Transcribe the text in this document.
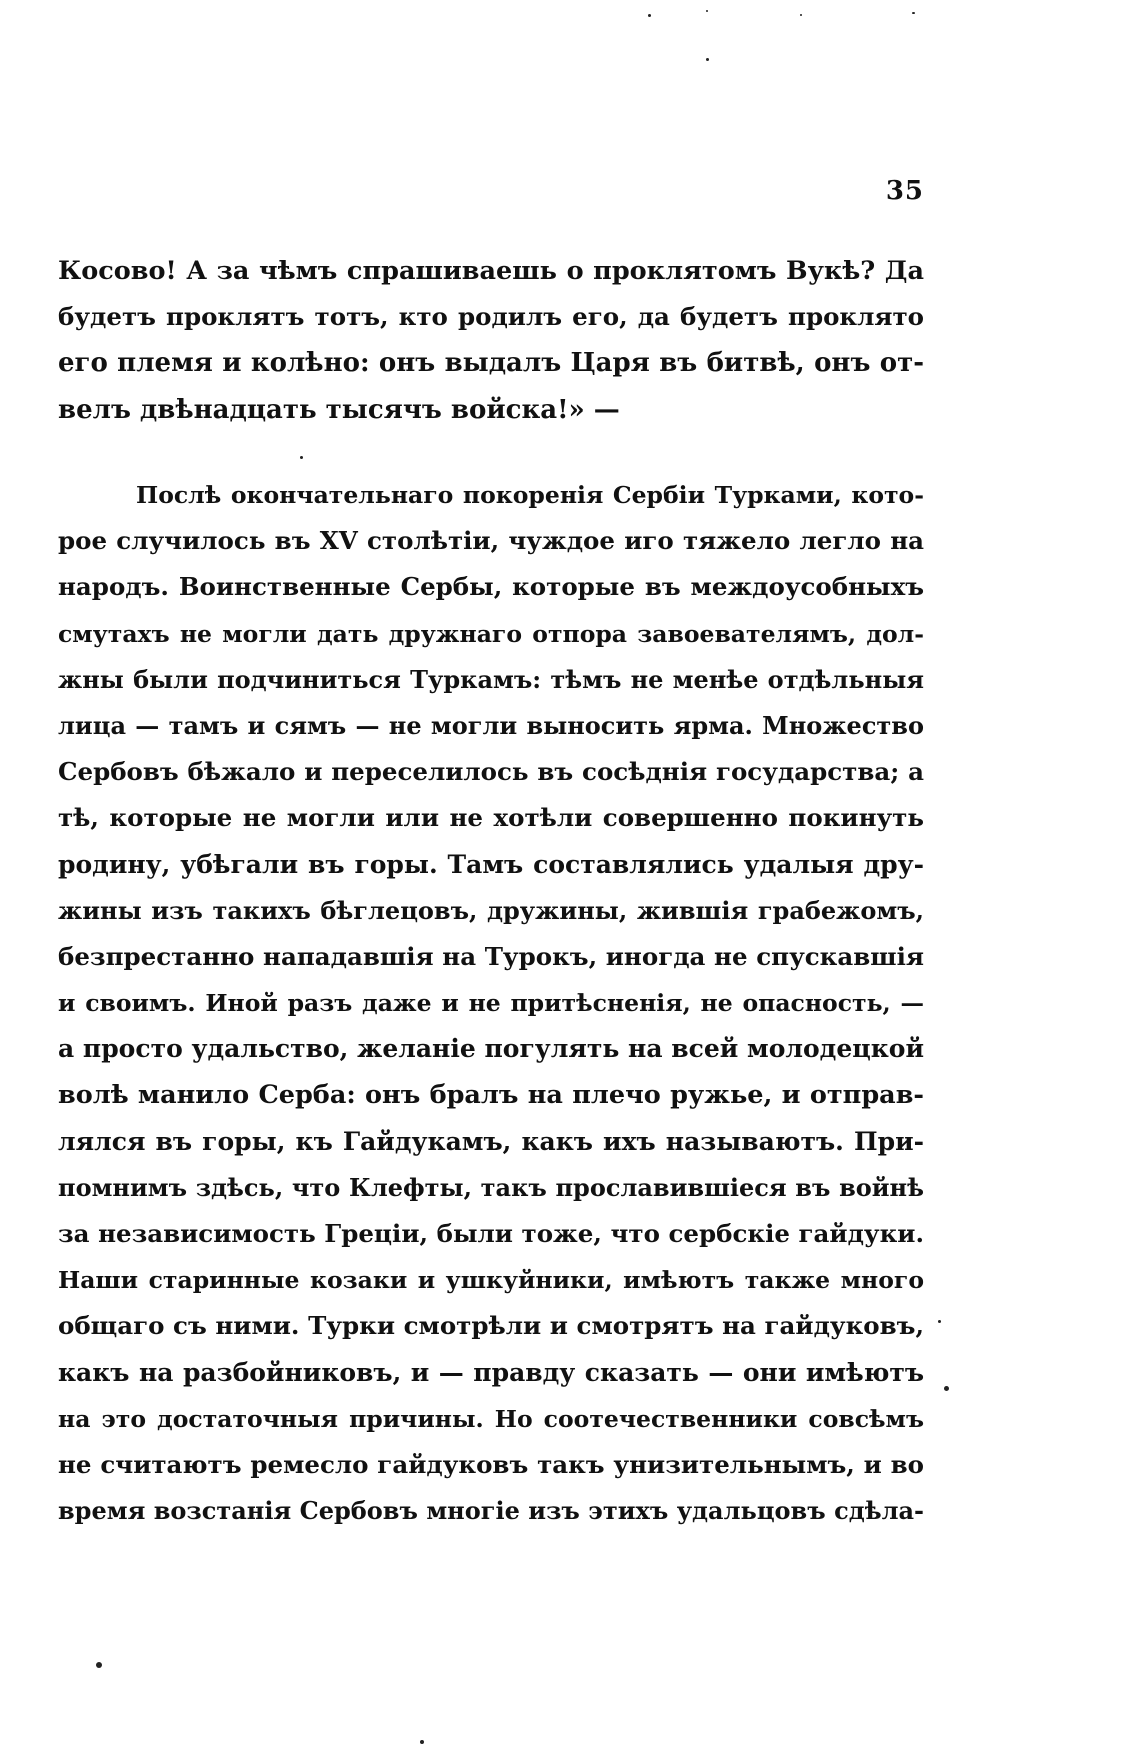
35
Косово! А за чѣмъ спрашиваешь о проклятомъ Вукѣ? Да
будетъ проклятъ тотъ, кто родилъ его, да будетъ проклято
его племя и колѣно: онъ выдалъ Царя въ битвѣ, онъ от-
велъ двѣнадцать тысячъ войска!» —
Послѣ окончательнаго покоренія Сербіи Турками, кото-
рое случилось въ XV столѣтіи, чуждое иго тяжело легло на
народъ. Воинственные Сербы, которые въ междоусобныхъ
смутахъ не могли дать дружнаго отпора завоевателямъ, дол-
жны были подчиниться Туркамъ: тѣмъ не менѣе отдѣльныя
лица — тамъ и сямъ — не могли выносить ярма. Множество
Сербовъ бѣжало и переселилось въ сосѣднія государства; а
тѣ, которые не могли или не хотѣли совершенно покинуть
родину, убѣгали въ горы. Тамъ составлялись удалыя дру-
жины изъ такихъ бѣглецовъ, дружины, жившія грабежомъ,
безпрестанно нападавшія на Турокъ, иногда не спускавшія
и своимъ. Иной разъ даже и не притѣсненія, не опасность, —
а просто удальство, желаніе погулять на всей молодецкой
волѣ манило Серба: онъ бралъ на плечо ружье, и отправ-
лялся въ горы, къ Гайдукамъ, какъ ихъ называютъ. При-
помнимъ здѣсь, что Клефты, такъ прославившіеся въ войнѣ
за независимость Греціи, были тоже, что сербскіе гайдуки.
Наши старинные козаки и ушкуйники, имѣютъ также много
общаго съ ними. Турки смотрѣли и смотрятъ на гайдуковъ,
какъ на разбойниковъ, и — правду сказать — они имѣютъ
на это достаточныя причины. Но соотечественники совсѣмъ
не считаютъ ремесло гайдуковъ такъ унизительнымъ, и во
время возстанія Сербовъ многіе изъ этихъ удальцовъ сдѣла-
